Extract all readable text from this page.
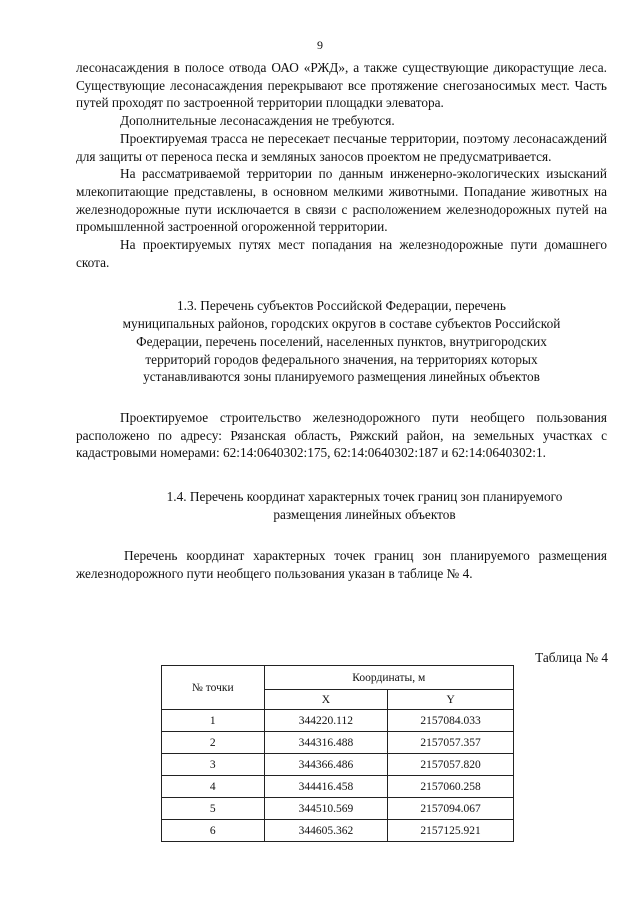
9

лесонасаждения в полосе отвода ОАО «РЖД», а также существующие дикорастущие леса. Существующие лесонасаждения перекрывают все протяжение снегозаносимых мест. Часть путей проходят по застроенной территории площадки элеватора.

Дополнительные лесонасаждения не требуются.

Проектируемая трасса не пересекает песчаные территории, поэтому лесонасаждений для защиты от переноса песка и земляных заносов проектом не предусматривается.

На рассматриваемой территории по данным инженерно-экологических изысканий млекопитающие представлены, в основном мелкими животными. Попадание животных на железнодорожные пути исключается в связи с расположением железнодорожных путей на промышленной застроенной огороженной территории.

На проектируемых путях мест попадания на железнодорожные пути домашнего скота.

1.3. Перечень субъектов Российской Федерации, перечень
муниципальных районов, городских округов в составе субъектов Российской
Федерации, перечень поселений, населенных пунктов, внутригородских
территорий городов федерального значения, на территориях которых
устанавливаются зоны планируемого размещения линейных объектов

Проектируемое строительство железнодорожного пути необщего пользования расположено по адресу: Рязанская область, Ряжский район, на земельных участках с кадастровыми номерами: 62:14:0640302:175, 62:14:0640302:187 и 62:14:0640302:1.

1.4. Перечень координат характерных точек границ зон планируемого
размещения линейных объектов

Перечень координат характерных точек границ зон планируемого размещения железнодорожного пути необщего пользования указан в таблице № 4.

Таблица № 4
№ точки	Координаты, м	
	X	Y
1	344220.112	2157084.033
2	344316.488	2157057.357
3	344366.486	2157057.820
4	344416.458	2157060.258
5	344510.569	2157094.067
6	344605.362	2157125.921
